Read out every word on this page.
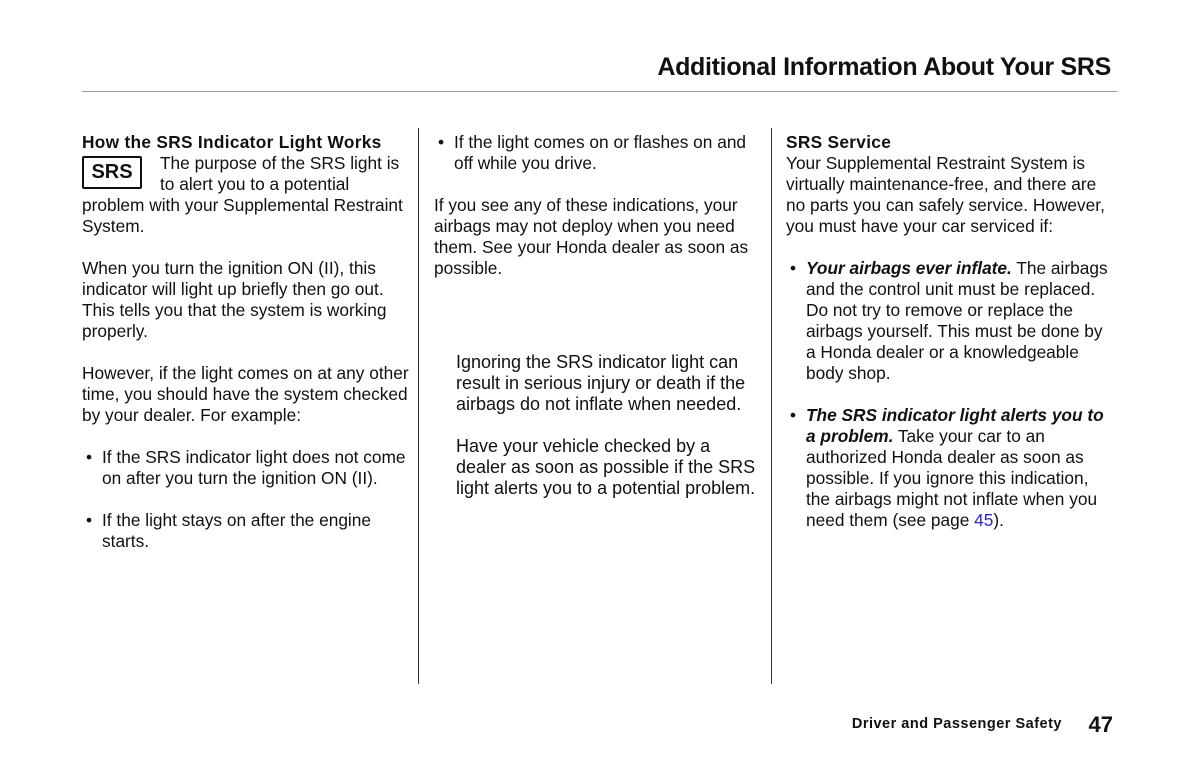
Additional Information About Your SRS
How the SRS Indicator Light Works
SRS	The purpose of the SRS light is to alert you to a potential problem with your Supplemental Restraint System.

When you turn the ignition ON (II), this indicator will light up briefly then go out. This tells you that the system is working properly.

However, if the light comes on at any other time, you should have the system checked by your dealer. For example:

• If the SRS indicator light does not come on after you turn the ignition ON (II).
• If the light stays on after the engine starts.
• If the light comes on or flashes on and off while you drive.

If you see any of these indications, your airbags may not deploy when you need them. See your Honda dealer as soon as possible.

Ignoring the SRS indicator light can result in serious injury or death if the airbags do not inflate when needed.

Have your vehicle checked by a dealer as soon as possible if the SRS light alerts you to a potential problem.

SRS Service

Your Supplemental Restraint System is virtually maintenance-free, and there are no parts you can safely service. However, you must have your car serviced if:

• Your airbags ever inflate. The airbags and the control unit must be replaced. Do not try to remove or replace the airbags yourself. This must be done by a Honda dealer or a knowledgeable body shop.
• The SRS indicator light alerts you to a problem. Take your car to an authorized Honda dealer as soon as possible. If you ignore this indication, the airbags might not inflate when you need them (see page 45).
Driver and Passenger Safety 47
